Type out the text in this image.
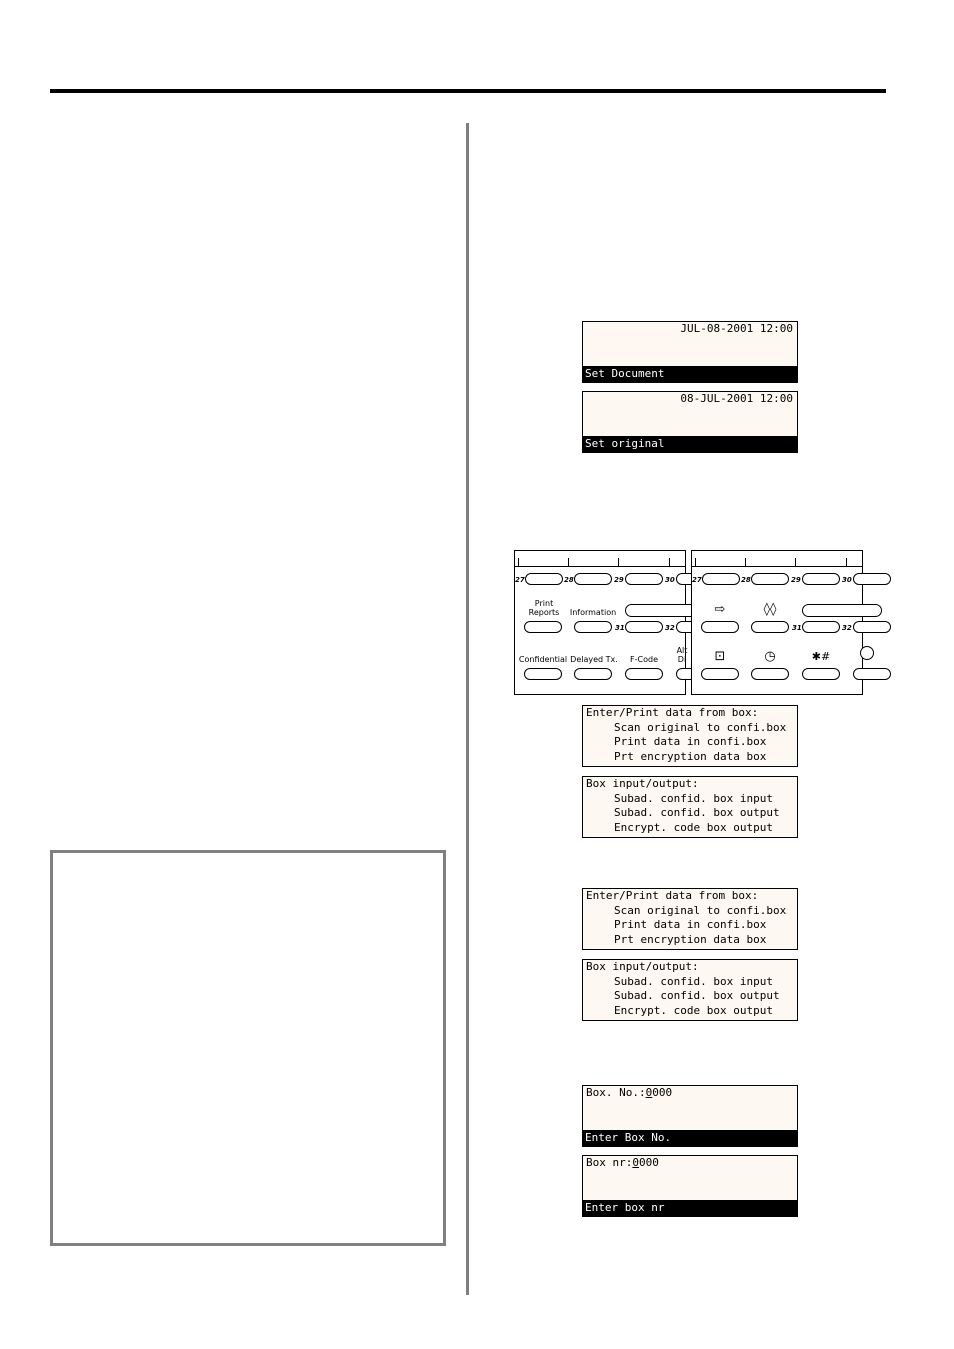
JUL-08-2001 12:00
Set Document
08-JUL-2001 12:00
Set original
27	28	29	30
Print
Reports	Information
31	32
Confidential Delayed Tx.	F-Code
Alt
Di
27	28	29	30
⇨	◊◊
31	32
⊡	◷	✱#
Enter/Print data from box:
Scan original to confi.box
Print data in confi.box
Prt encryption data box
Box input/output:
Subad. confid. box input
Subad. confid. box output
Encrypt. code box output
Enter/Print data from box:
Scan original to confi.box
Print data in confi.box
Prt encryption data box
Box input/output:
Subad. confid. box input
Subad. confid. box output
Encrypt. code box output
Box. No.:0000
Enter Box No.
Box nr:0000
Enter box nr
